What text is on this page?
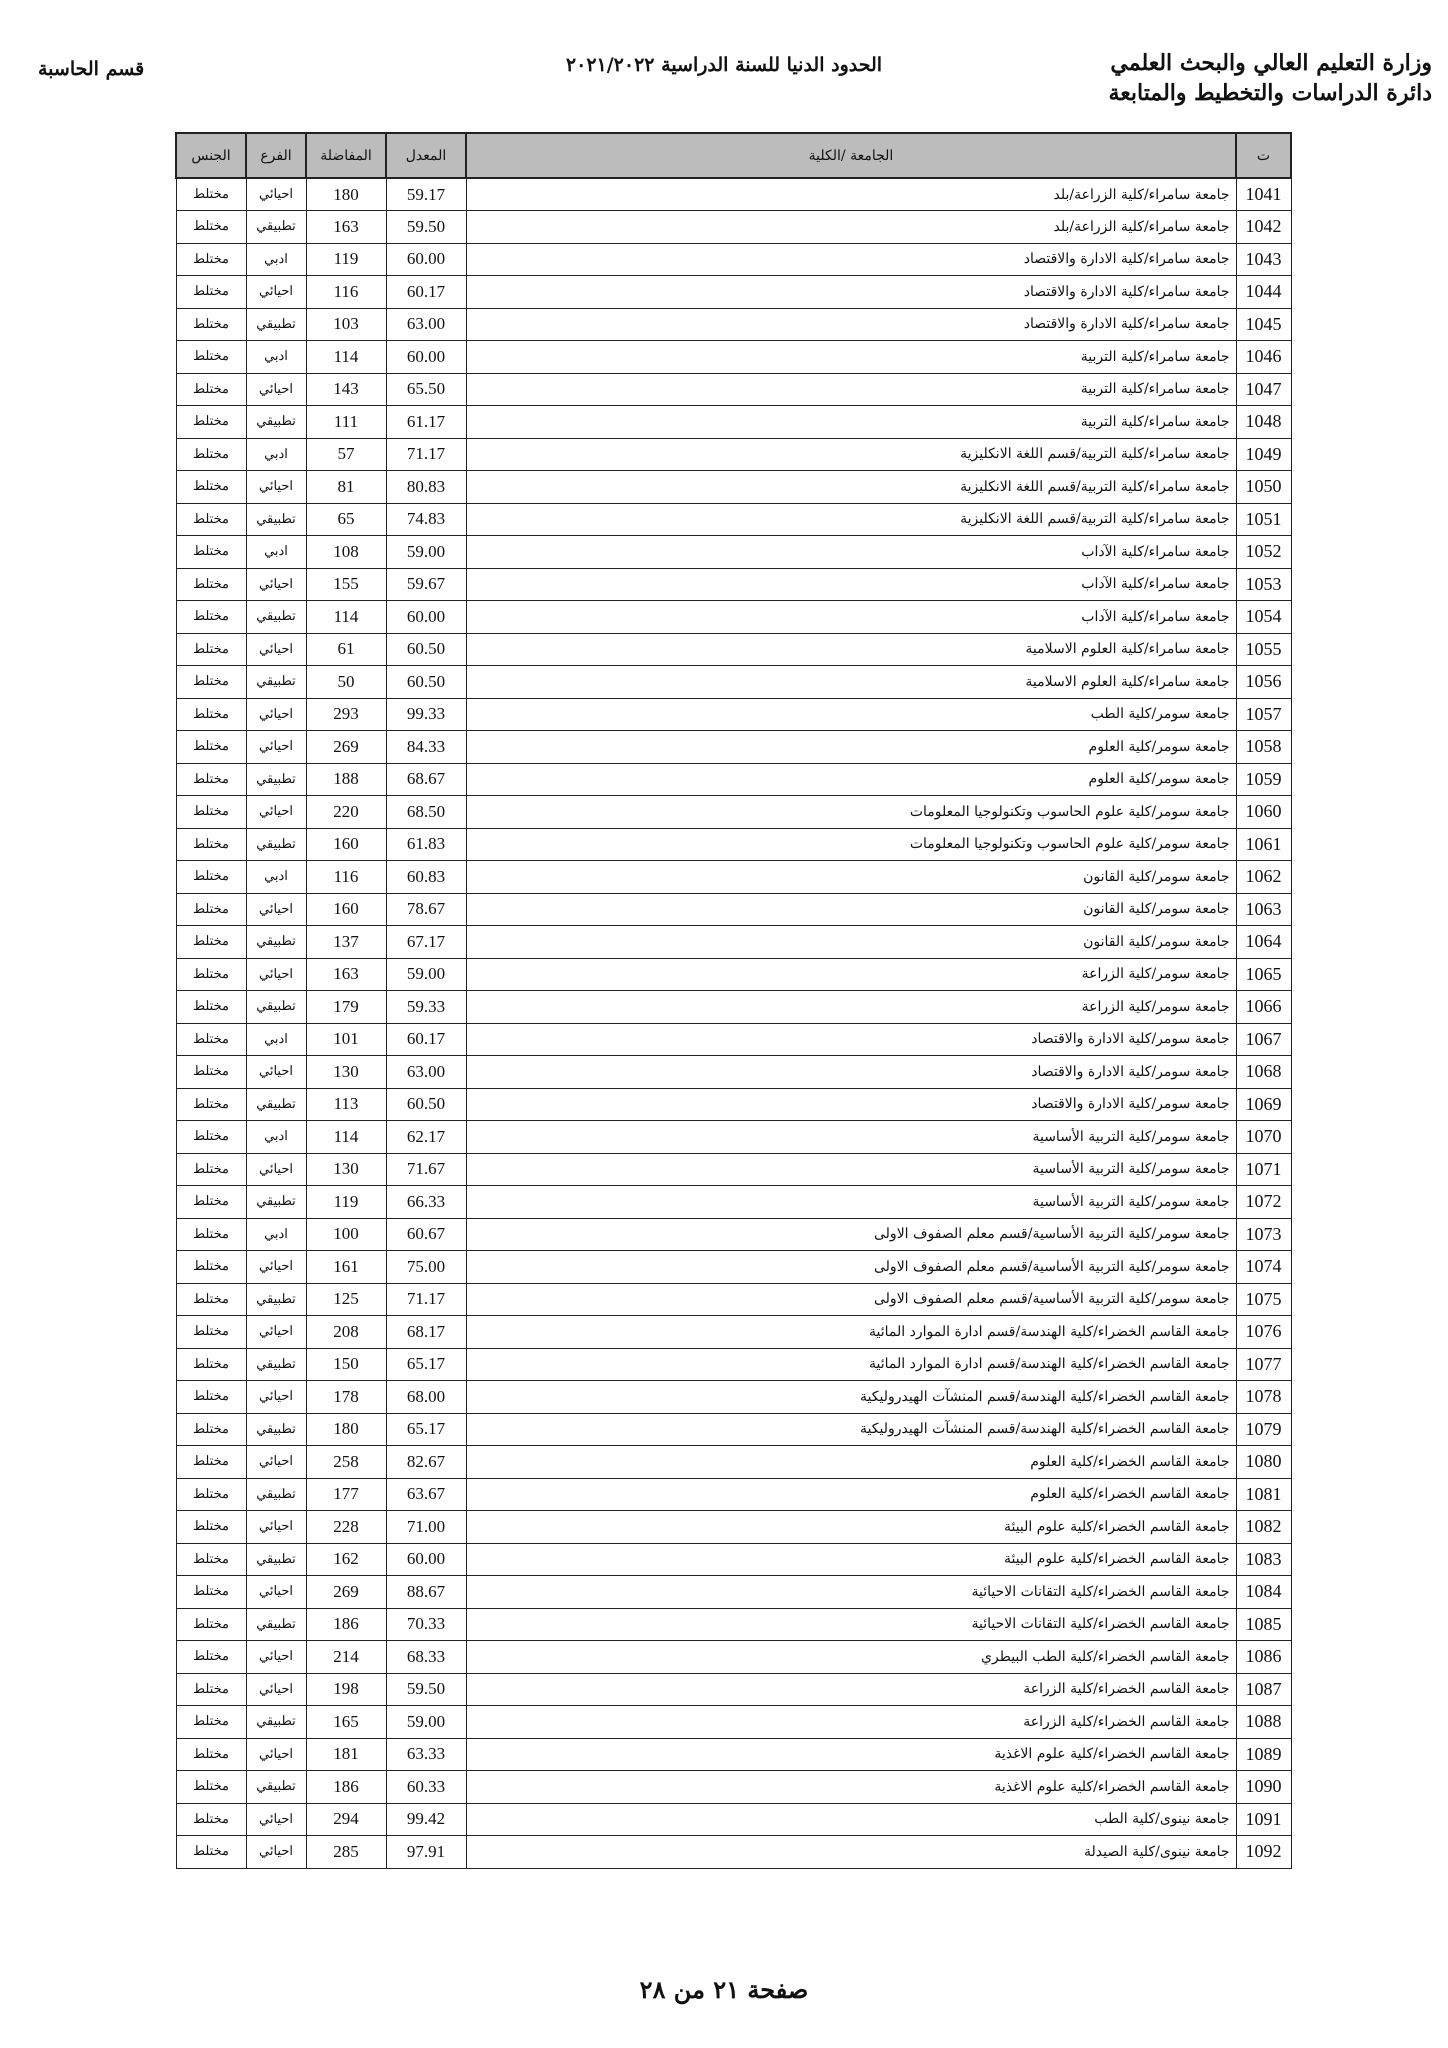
وزارة التعليم العالي والبحث العلمي
دائرة الدراسات والتخطيط والمتابعة
الحدود الدنيا للسنة الدراسية ٢٠٢١/٢٠٢٢
قسم الحاسبة
ت	الجامعة /الكلية	المعدل	المفاضلة	الفرع	الجنس
1041	جامعة سامراء/كلية الزراعة/بلد	59.17	180	احيائي	مختلط
1042	جامعة سامراء/كلية الزراعة/بلد	59.50	163	تطبيقي	مختلط
1043	جامعة سامراء/كلية الادارة والاقتصاد	60.00	119	ادبي	مختلط
1044	جامعة سامراء/كلية الادارة والاقتصاد	60.17	116	احيائي	مختلط
1045	جامعة سامراء/كلية الادارة والاقتصاد	63.00	103	تطبيقي	مختلط
1046	جامعة سامراء/كلية التربية	60.00	114	ادبي	مختلط
1047	جامعة سامراء/كلية التربية	65.50	143	احيائي	مختلط
1048	جامعة سامراء/كلية التربية	61.17	111	تطبيقي	مختلط
1049	جامعة سامراء/كلية التربية/قسم اللغة الانكليزية	71.17	57	ادبي	مختلط
1050	جامعة سامراء/كلية التربية/قسم اللغة الانكليزية	80.83	81	احيائي	مختلط
1051	جامعة سامراء/كلية التربية/قسم اللغة الانكليزية	74.83	65	تطبيقي	مختلط
1052	جامعة سامراء/كلية الآداب	59.00	108	ادبي	مختلط
1053	جامعة سامراء/كلية الآداب	59.67	155	احيائي	مختلط
1054	جامعة سامراء/كلية الآداب	60.00	114	تطبيقي	مختلط
1055	جامعة سامراء/كلية العلوم الاسلامية	60.50	61	احيائي	مختلط
1056	جامعة سامراء/كلية العلوم الاسلامية	60.50	50	تطبيقي	مختلط
1057	جامعة سومر/كلية الطب	99.33	293	احيائي	مختلط
1058	جامعة سومر/كلية العلوم	84.33	269	احيائي	مختلط
1059	جامعة سومر/كلية العلوم	68.67	188	تطبيقي	مختلط
1060	جامعة سومر/كلية علوم الحاسوب وتكنولوجيا المعلومات	68.50	220	احيائي	مختلط
1061	جامعة سومر/كلية علوم الحاسوب وتكنولوجيا المعلومات	61.83	160	تطبيقي	مختلط
1062	جامعة سومر/كلية القانون	60.83	116	ادبي	مختلط
1063	جامعة سومر/كلية القانون	78.67	160	احيائي	مختلط
1064	جامعة سومر/كلية القانون	67.17	137	تطبيقي	مختلط
1065	جامعة سومر/كلية الزراعة	59.00	163	احيائي	مختلط
1066	جامعة سومر/كلية الزراعة	59.33	179	تطبيقي	مختلط
1067	جامعة سومر/كلية الادارة والاقتصاد	60.17	101	ادبي	مختلط
1068	جامعة سومر/كلية الادارة والاقتصاد	63.00	130	احيائي	مختلط
1069	جامعة سومر/كلية الادارة والاقتصاد	60.50	113	تطبيقي	مختلط
1070	جامعة سومر/كلية التربية الأساسية	62.17	114	ادبي	مختلط
1071	جامعة سومر/كلية التربية الأساسية	71.67	130	احيائي	مختلط
1072	جامعة سومر/كلية التربية الأساسية	66.33	119	تطبيقي	مختلط
1073	جامعة سومر/كلية التربية الأساسية/قسم معلم الصفوف الاولى	60.67	100	ادبي	مختلط
1074	جامعة سومر/كلية التربية الأساسية/قسم معلم الصفوف الاولى	75.00	161	احيائي	مختلط
1075	جامعة سومر/كلية التربية الأساسية/قسم معلم الصفوف الاولى	71.17	125	تطبيقي	مختلط
1076	جامعة القاسم الخضراء/كلية الهندسة/قسم ادارة الموارد المائية	68.17	208	احيائي	مختلط
1077	جامعة القاسم الخضراء/كلية الهندسة/قسم ادارة الموارد المائية	65.17	150	تطبيقي	مختلط
1078	جامعة القاسم الخضراء/كلية الهندسة/قسم المنشآت الهيدروليكية	68.00	178	احيائي	مختلط
1079	جامعة القاسم الخضراء/كلية الهندسة/قسم المنشآت الهيدروليكية	65.17	180	تطبيقي	مختلط
1080	جامعة القاسم الخضراء/كلية العلوم	82.67	258	احيائي	مختلط
1081	جامعة القاسم الخضراء/كلية العلوم	63.67	177	تطبيقي	مختلط
1082	جامعة القاسم الخضراء/كلية علوم البيئة	71.00	228	احيائي	مختلط
1083	جامعة القاسم الخضراء/كلية علوم البيئة	60.00	162	تطبيقي	مختلط
1084	جامعة القاسم الخضراء/كلية التقانات الاحيائية	88.67	269	احيائي	مختلط
1085	جامعة القاسم الخضراء/كلية التقانات الاحيائية	70.33	186	تطبيقي	مختلط
1086	جامعة القاسم الخضراء/كلية الطب البيطري	68.33	214	احيائي	مختلط
1087	جامعة القاسم الخضراء/كلية الزراعة	59.50	198	احيائي	مختلط
1088	جامعة القاسم الخضراء/كلية الزراعة	59.00	165	تطبيقي	مختلط
1089	جامعة القاسم الخضراء/كلية علوم الاغذية	63.33	181	احيائي	مختلط
1090	جامعة القاسم الخضراء/كلية علوم الاغذية	60.33	186	تطبيقي	مختلط
1091	جامعة نينوى/كلية الطب	99.42	294	احيائي	مختلط
1092	جامعة نينوى/كلية الصيدلة	97.91	285	احيائي	مختلط
صفحة ٢١ من ٢٨
